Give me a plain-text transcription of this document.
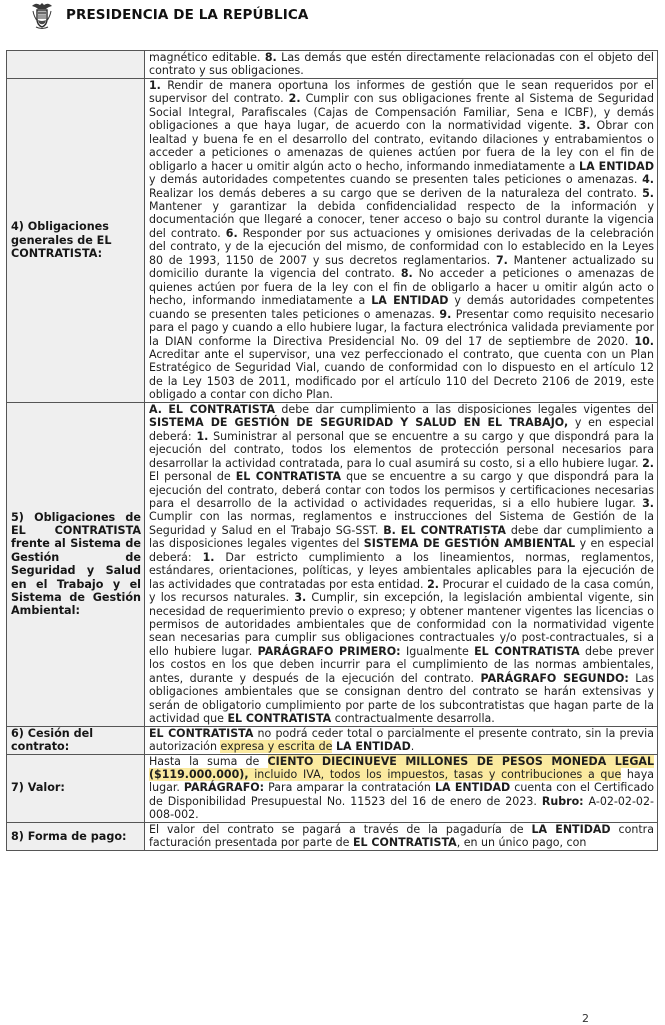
PRESIDENCIA DE LA REPÚBLICA
	magnético editable. 8. Las demás que estén directamente relacionadas con el objeto del contrato y sus obligaciones.
4) Obligaciones generales de EL CONTRATISTA:	1. Rendir de manera oportuna los informes de gestión que le sean requeridos por el supervisor del contrato. 2. Cumplir con sus obligaciones frente al Sistema de Seguridad Social Integral, Parafiscales (Cajas de Compensación Familiar, Sena e ICBF), y demás obligaciones a que haya lugar, de acuerdo con la normatividad vigente. 3. Obrar con lealtad y buena fe en el desarrollo del contrato, evitando dilaciones y entrabamientos o acceder a peticiones o amenazas de quienes actúen por fuera de la ley con el fin de obligarlo a hacer u omitir algún acto o hecho, informando inmediatamente a LA ENTIDAD y demás autoridades competentes cuando se presenten tales peticiones o amenazas. 4. Realizar los demás deberes a su cargo que se deriven de la naturaleza del contrato. 5. Mantener y garantizar la debida confidencialidad respecto de la información y documentación que llegaré a conocer, tener acceso o bajo su control durante la vigencia del contrato. 6. Responder por sus actuaciones y omisiones derivadas de la celebración del contrato, y de la ejecución del mismo, de conformidad con lo establecido en la Leyes 80 de 1993, 1150 de 2007 y sus decretos reglamentarios. 7. Mantener actualizado su domicilio durante la vigencia del contrato. 8. No acceder a peticiones o amenazas de quienes actúen por fuera de la ley con el fin de obligarlo a hacer u omitir algún acto o hecho, informando inmediatamente a LA ENTIDAD y demás autoridades competentes cuando se presenten tales peticiones o amenazas. 9. Presentar como requisito necesario para el pago y cuando a ello hubiere lugar, la factura electrónica validada previamente por la DIAN conforme la Directiva Presidencial No. 09 del 17 de septiembre de 2020. 10. Acreditar ante el supervisor, una vez perfeccionado el contrato, que cuenta con un Plan Estratégico de Seguridad Vial, cuando de conformidad con lo dispuesto en el artículo 12 de la Ley 1503 de 2011, modificado por el artículo 110 del Decreto 2106 de 2019, este obligado a contar con dicho Plan.
5) Obligaciones de EL CONTRATISTA frente al Sistema de Gestión de Seguridad y Salud en el Trabajo y el Sistema de Gestión Ambiental:	A. EL CONTRATISTA debe dar cumplimiento a las disposiciones legales vigentes del SISTEMA DE GESTIÓN DE SEGURIDAD Y SALUD EN EL TRABAJO, y en especial deberá: 1. Suministrar al personal que se encuentre a su cargo y que dispondrá para la ejecución del contrato, todos los elementos de protección personal necesarios para desarrollar la actividad contratada, para lo cual asumirá su costo, si a ello hubiere lugar. 2. El personal de EL CONTRATISTA que se encuentre a su cargo y que dispondrá para la ejecución del contrato, deberá contar con todos los permisos y certificaciones necesarias para el desarrollo de la actividad o actividades requeridas, si a ello hubiere lugar. 3. Cumplir con las normas, reglamentos e instrucciones del Sistema de Gestión de la Seguridad y Salud en el Trabajo SG-SST. B. EL CONTRATISTA debe dar cumplimiento a las disposiciones legales vigentes del SISTEMA DE GESTIÓN AMBIENTAL y en especial deberá: 1. Dar estricto cumplimiento a los lineamientos, normas, reglamentos, estándares, orientaciones, políticas, y leyes ambientales aplicables para la ejecución de las actividades que contratadas por esta entidad. 2. Procurar el cuidado de la casa común, y los recursos naturales. 3. Cumplir, sin excepción, la legislación ambiental vigente, sin necesidad de requerimiento previo o expreso; y obtener mantener vigentes las licencias o permisos de autoridades ambientales que de conformidad con la normatividad vigente sean necesarias para cumplir sus obligaciones contractuales y/o post-contractuales, si a ello hubiere lugar. PARÁGRAFO PRIMERO: Igualmente EL CONTRATISTA debe prever los costos en los que deben incurrir para el cumplimiento de las normas ambientales, antes, durante y después de la ejecución del contrato. PARÁGRAFO SEGUNDO: Las obligaciones ambientales que se consignan dentro del contrato se harán extensivas y serán de obligatorio cumplimiento por parte de los subcontratistas que hagan parte de la actividad que EL CONTRATISTA contractualmente desarrolla.
6) Cesión del contrato:	EL CONTRATISTA no podrá ceder total o parcialmente el presente contrato, sin la previa autorización expresa y escrita de LA ENTIDAD.
7) Valor:	Hasta la suma de CIENTO DIECINUEVE MILLONES DE PESOS MONEDA LEGAL ($119.000.000), incluido IVA, todos los impuestos, tasas y contribuciones a que haya lugar. PARÁGRAFO: Para amparar la contratación LA ENTIDAD cuenta con el Certificado de Disponibilidad Presupuestal No. 11523 del 16 de enero de 2023. Rubro: A-02-02-02-008-002.
8) Forma de pago:	El valor del contrato se pagará a través de la pagaduría de LA ENTIDAD contra facturación presentada por parte de EL CONTRATISTA, en un único pago, con
2
